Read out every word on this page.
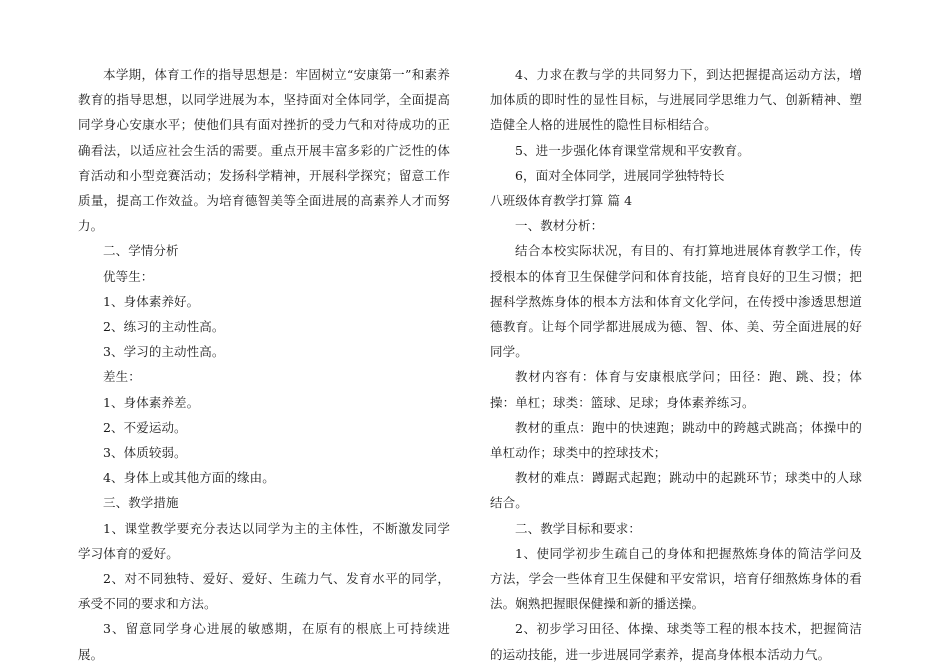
本学期，体育工作的指导思想是：牢固树立“安康第一”和素养教育的指导思想，以同学进展为本，坚持面对全体同学，全面提高同学身心安康水平；使他们具有面对挫折的受力气和对待成功的正确看法，以适应社会生活的需要。重点开展丰富多彩的广泛性的体育活动和小型竞赛活动；发扬科学精神，开展科学探究；留意工作质量，提高工作效益。为培育德智美等全面进展的高素养人才而努力。

二、学情分析

优等生：

1、身体素养好。

2、练习的主动性高。

3、学习的主动性高。

差生：

1、身体素养差。

2、不爱运动。

3、体质较弱。

4、身体上或其他方面的缘由。

三、教学措施

1、课堂教学要充分表达以同学为主的主体性，不断激发同学学习体育的爱好。

2、对不同独特、爱好、爱好、生疏力气、发育水平的同学，承受不同的要求和方法。

3、留意同学身心进展的敏感期，在原有的根底上可持续进展。

4、力求在教与学的共同努力下，到达把握提高运动方法，增加体质的即时性的显性目标，与进展同学思维力气、创新精神、塑造健全人格的进展性的隐性目标相结合。

5、进一步强化体育课堂常规和平安教育。

6，面对全体同学，进展同学独特特长

八班级体育教学打算 篇 4

一、教材分析：

结合本校实际状况，有目的、有打算地进展体育教学工作，传授根本的体育卫生保健学问和体育技能，培育良好的卫生习惯；把握科学熬炼身体的根本方法和体育文化学问，在传授中渗透思想道德教育。让每个同学都进展成为德、智、体、美、劳全面进展的好同学。

教材内容有：体育与安康根底学问；田径：跑、跳、投；体操：单杠；球类：篮球、足球；身体素养练习。

教材的重点：跑中的快速跑；跳动中的跨越式跳高；体操中的单杠动作；球类中的控球技术；

教材的难点：蹲踞式起跑；跳动中的起跳环节；球类中的人球结合。

二、教学目标和要求：

1、使同学初步生疏自己的身体和把握熬炼身体的简洁学问及方法，学会一些体育卫生保健和平安常识，培育仔细熬炼身体的看法。娴熟把握眼保健操和新的播送操。

2、初步学习田径、体操、球类等工程的根本技术，把握简洁的运动技能，进一步进展同学素养，提高身体根本活动力气。
